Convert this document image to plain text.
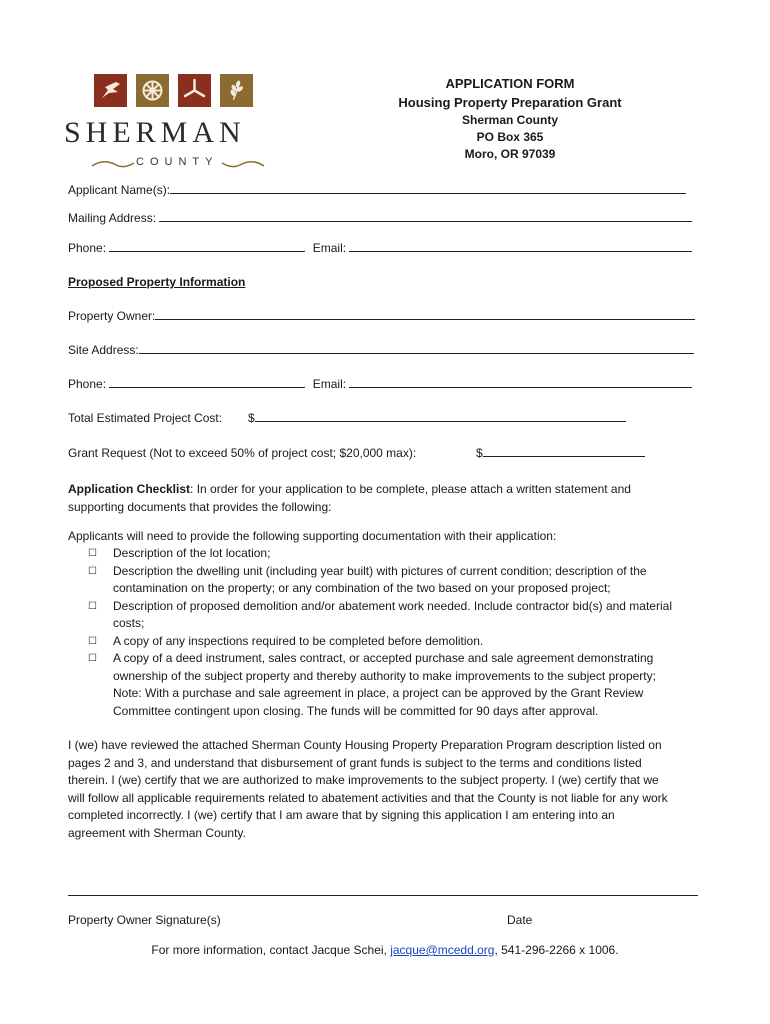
SHERMAN
COUNTY
APPLICATION FORM
Housing Property Preparation Grant
Sherman County
PO Box 365
Moro, OR 97039
Applicant Name(s):
Mailing Address:
Phone:	Email:
Proposed Property Information
Property Owner:
Site Address:
Phone:	Email:
Total Estimated Project Cost: $
Grant Request (Not to exceed 50% of project cost; $20,000 max):	$
Application Checklist: In order for your application to be complete, please attach a written statement and
supporting documents that provides the following:
Applicants will need to provide the following supporting documentation with their application:
☐ Description of the lot location;
☐ Description the dwelling unit (including year built) with pictures of current condition; description of the
contamination on the property; or any combination of the two based on your proposed project;
☐ Description of proposed demolition and/or abatement work needed. Include contractor bid(s) and material
costs;
☐ A copy of any inspections required to be completed before demolition.
☐ A copy of a deed instrument, sales contract, or accepted purchase and sale agreement demonstrating
ownership of the subject property and thereby authority to make improvements to the subject property;
Note: With a purchase and sale agreement in place, a project can be approved by the Grant Review
Committee contingent upon closing. The funds will be committed for 90 days after approval.
I (we) have reviewed the attached Sherman County Housing Property Preparation Program description listed on
pages 2 and 3, and understand that disbursement of grant funds is subject to the terms and conditions listed
therein. I (we) certify that we are authorized to make improvements to the subject property. I (we) certify that we
will follow all applicable requirements related to abatement activities and that the County is not liable for any work
completed incorrectly. I (we) certify that I am aware that by signing this application I am entering into an
agreement with Sherman County.
Property Owner Signature(s)	Date
For more information, contact Jacque Schei, jacque@mcedd.org, 541-296-2266 x 1006.
